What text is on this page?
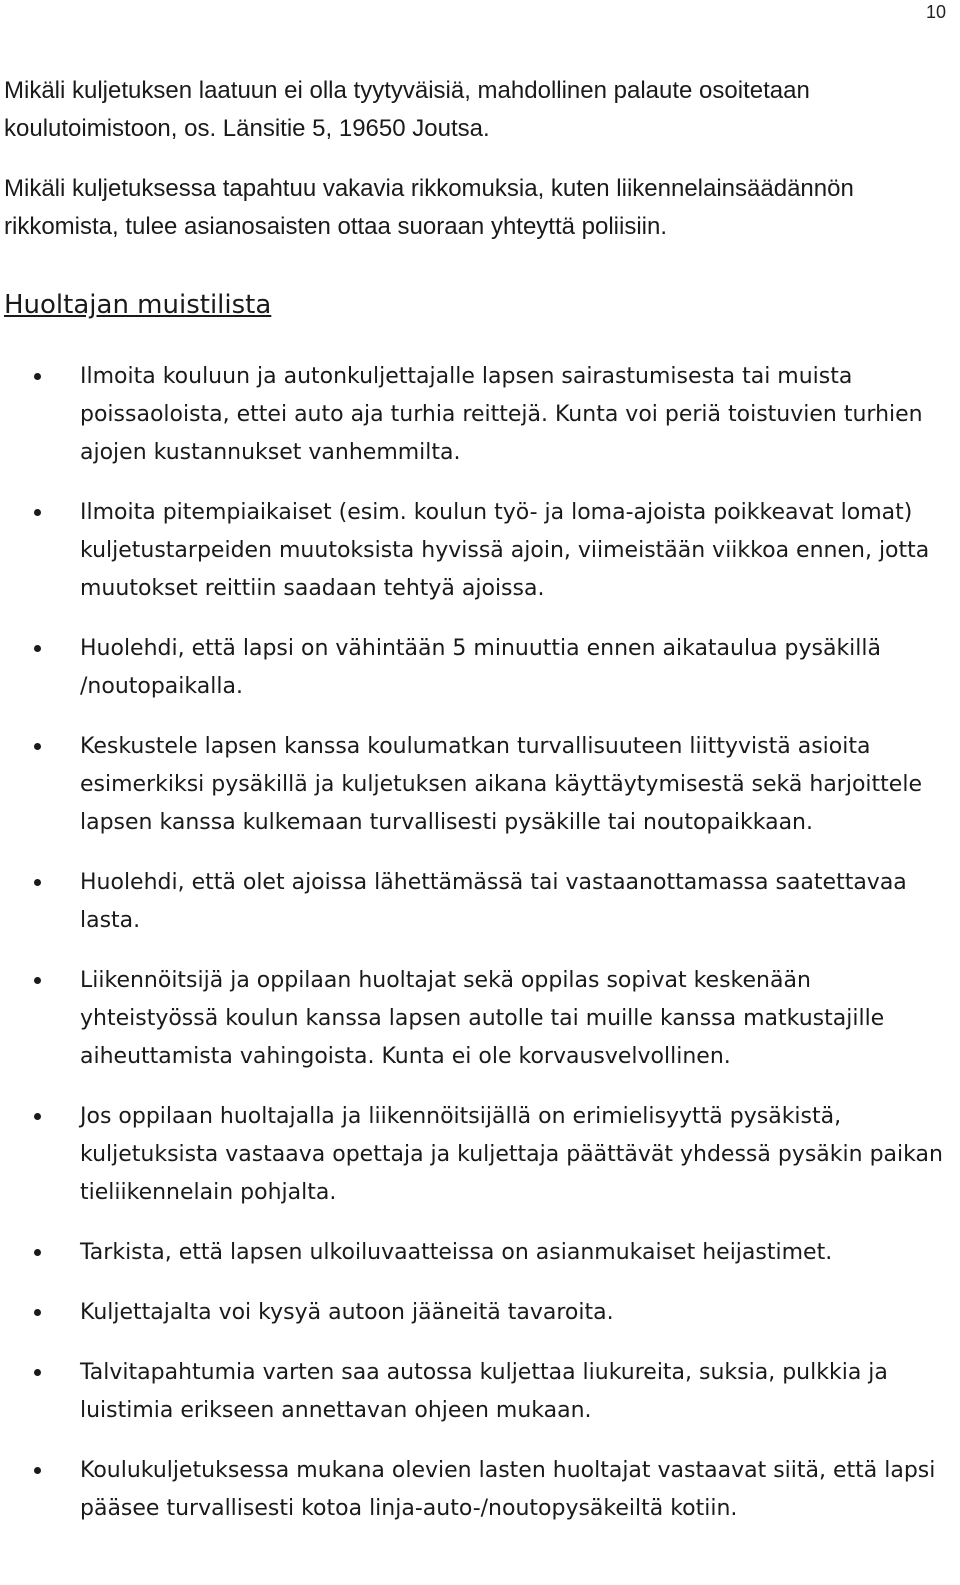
10

Mikäli kuljetuksen laatuun ei olla tyytyväisiä, mahdollinen palaute osoitetaan koulutoimistoon, os. Länsitie 5, 19650 Joutsa.

Mikäli kuljetuksessa tapahtuu vakavia rikkomuksia, kuten liikennelainsäädännön rikkomista, tulee asianosaisten ottaa suoraan yhteyttä poliisiin.

Huoltajan muistilista
Ilmoita kouluun ja autonkuljettajalle lapsen sairastumisesta tai muista poissaoloista, ettei auto aja turhia reittejä. Kunta voi periä toistuvien turhien ajojen kustannukset vanhemmilta.
Ilmoita pitempiaikaiset (esim. koulun työ- ja loma-ajoista poikkeavat lomat) kuljetustarpeiden muutoksista hyvissä ajoin, viimeistään viikkoa ennen, jotta muutokset reittiin saadaan tehtyä ajoissa.
Huolehdi, että lapsi on vähintään 5 minuuttia ennen aikataulua pysäkillä /noutopaikalla.
Keskustele lapsen kanssa koulumatkan turvallisuuteen liittyvistä asioita esimerkiksi pysäkillä ja kuljetuksen aikana käyttäytymisestä sekä harjoittele lapsen kanssa kulkemaan turvallisesti pysäkille tai noutopaikkaan.
Huolehdi, että olet ajoissa lähettämässä tai vastaanottamassa saatettavaa lasta.
Liikennöitsijä ja oppilaan huoltajat sekä oppilas sopivat keskenään yhteistyössä koulun kanssa lapsen autolle tai muille kanssa matkustajille aiheuttamista vahingoista. Kunta ei ole korvausvelvollinen.
Jos oppilaan huoltajalla ja liikennöitsijällä on erimielisyyttä pysäkistä, kuljetuksista vastaava opettaja ja kuljettaja päättävät yhdessä pysäkin paikan tieliikennelain pohjalta.
Tarkista, että lapsen ulkoiluvaatteissa on asianmukaiset heijastimet.
Kuljettajalta voi kysyä autoon jääneitä tavaroita.
Talvitapahtumia varten saa autossa kuljettaa liukureita, suksia, pulkkia ja luistimia erikseen annettavan ohjeen mukaan.
Koulukuljetuksessa mukana olevien lasten huoltajat vastaavat siitä, että lapsi pääsee turvallisesti kotoa linja-auto-/noutopysäkeiltä kotiin.
